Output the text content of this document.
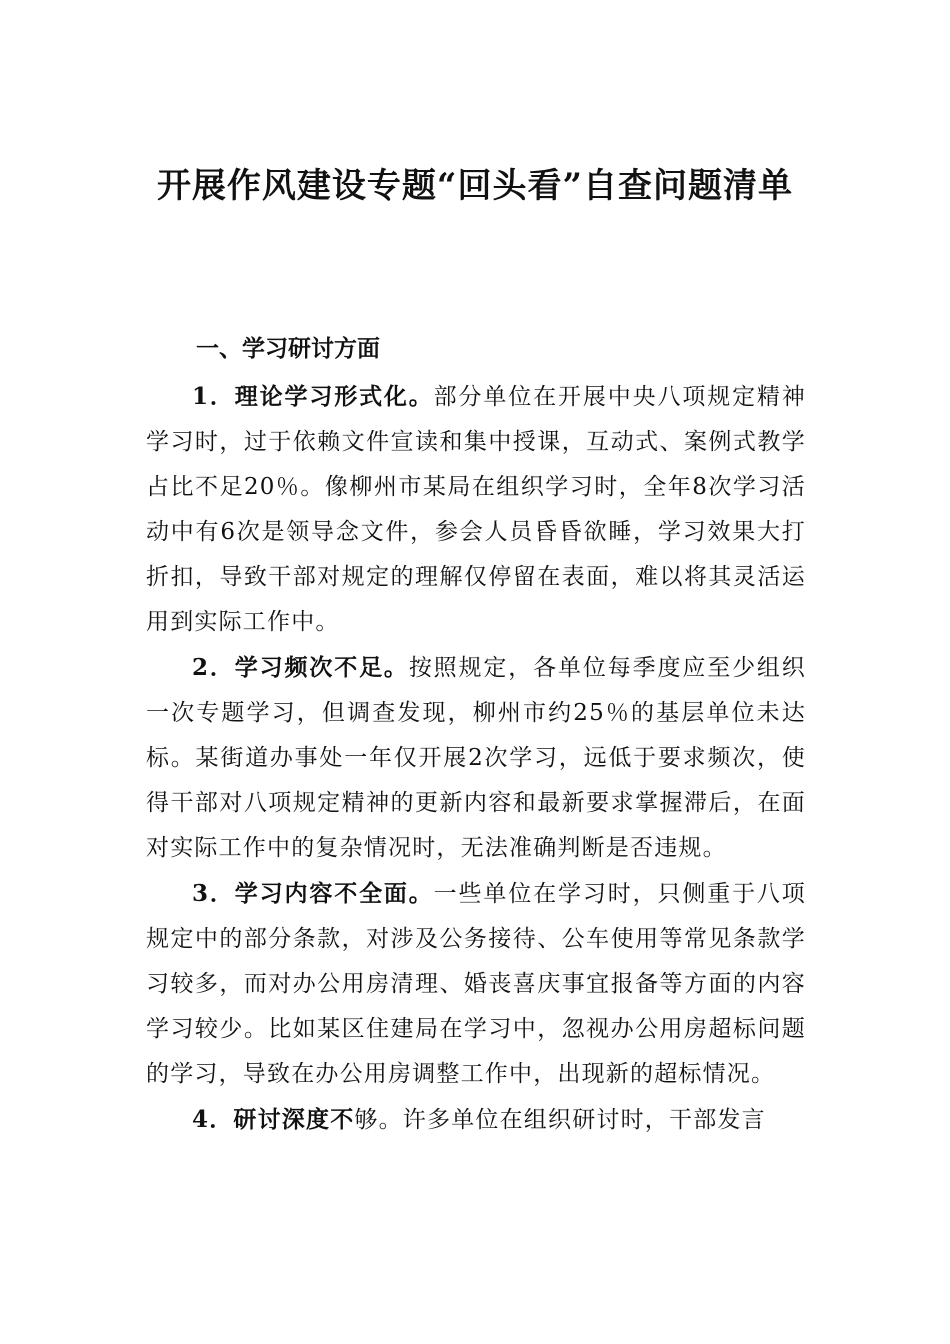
开展作风建设专题“回头看”自查问题清单
一、学习研讨方面

1．理论学习形式化。部分单位在开展中央八项规定精神学习时，过于依赖文件宣读和集中授课，互动式、案例式教学占比不足20％。像柳州市某局在组织学习时，全年8次学习活动中有6次是领导念文件，参会人员昏昏欲睡，学习效果大打折扣，导致干部对规定的理解仅停留在表面，难以将其灵活运用到实际工作中。

2．学习频次不足。按照规定，各单位每季度应至少组织一次专题学习，但调查发现，柳州市约25％的基层单位未达标。某街道办事处一年仅开展2次学习，远低于要求频次，使得干部对八项规定精神的更新内容和最新要求掌握滞后，在面对实际工作中的复杂情况时，无法准确判断是否违规。

3．学习内容不全面。一些单位在学习时，只侧重于八项规定中的部分条款，对涉及公务接待、公车使用等常见条款学习较多，而对办公用房清理、婚丧喜庆事宜报备等方面的内容学习较少。比如某区住建局在学习中，忽视办公用房超标问题的学习，导致在办公用房调整工作中，出现新的超标情况。

4．研讨深度不够。许多单位在组织研讨时，干部发言
